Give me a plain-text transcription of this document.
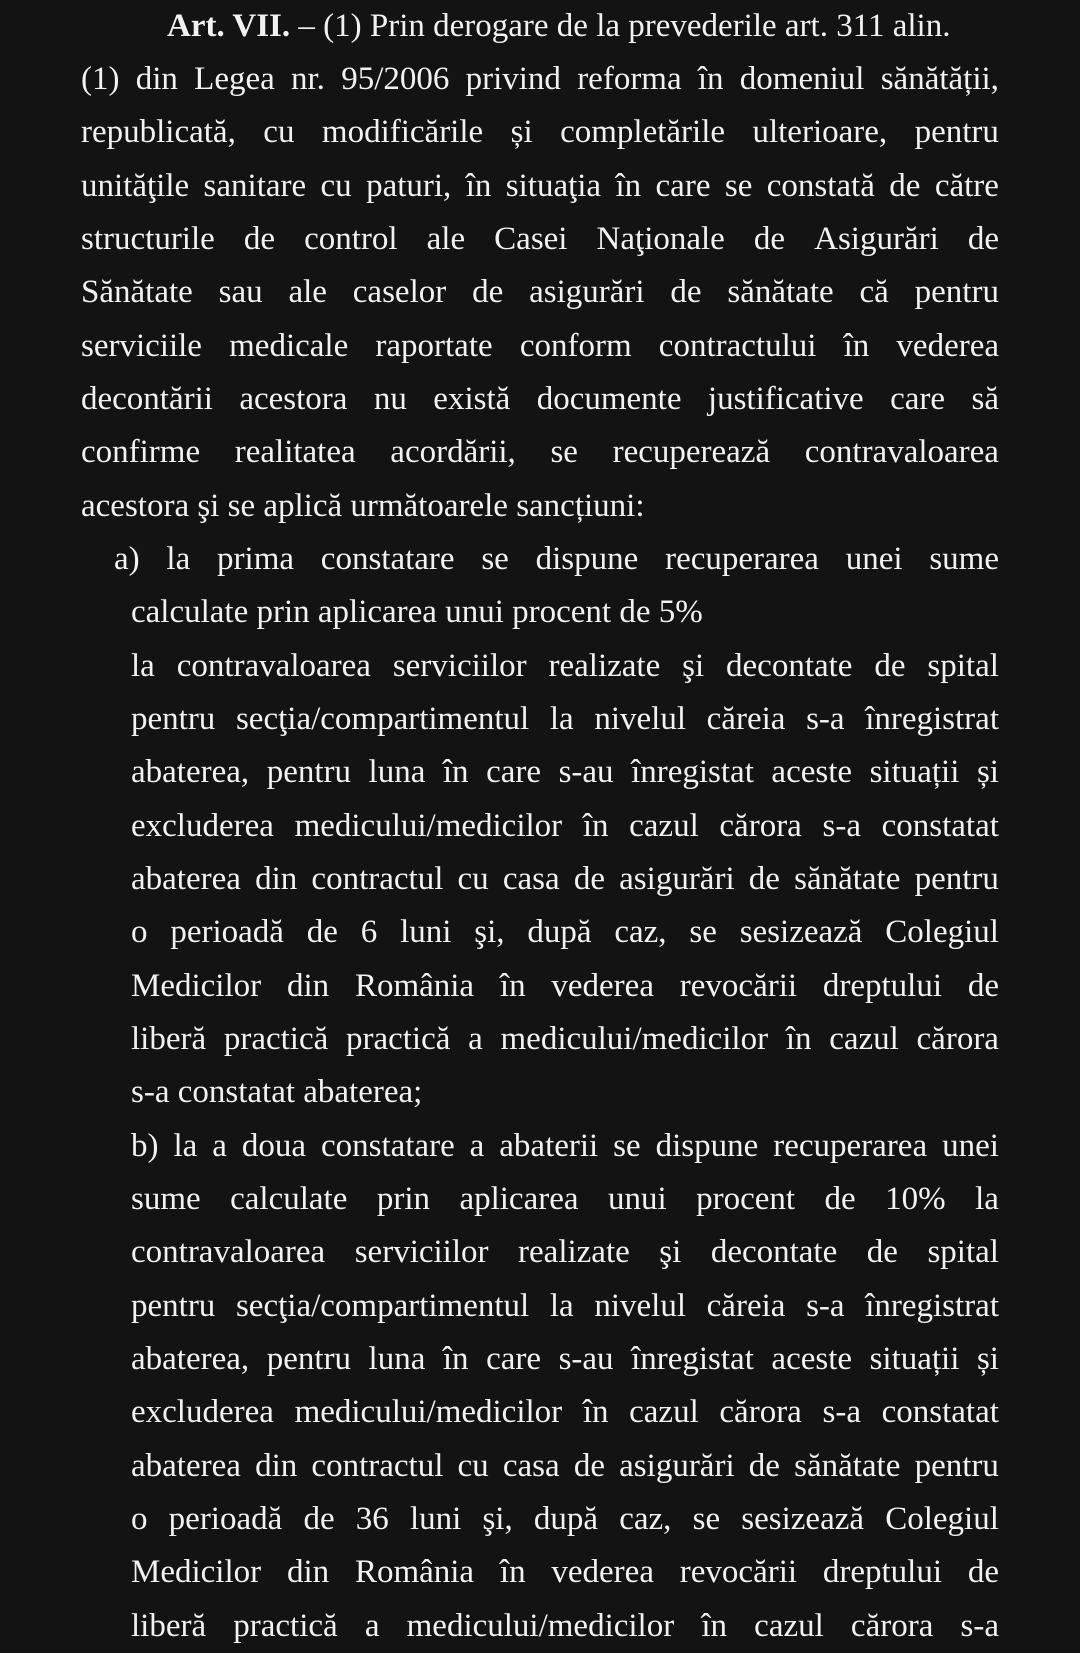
Art. VII. – (1) Prin derogare de la prevederile art. 311 alin.
(1) din Legea nr. 95/2006 privind reforma în domeniul sănătății,
republicată, cu modificările și completările ulterioare, pentru
unităţile sanitare cu paturi, în situaţia în care se constată de către
structurile de control ale Casei Naţionale de Asigurări de
Sănătate sau ale caselor de asigurări de sănătate că pentru
serviciile medicale raportate conform contractului în vederea
decontării acestora nu există documente justificative care să
confirme realitatea acordării, se recuperează contravaloarea
acestora şi se aplică următoarele sancțiuni:
a) la prima constatare se dispune recuperarea unei sume
calculate prin aplicarea unui procent de 5%
la contravaloarea serviciilor realizate şi decontate de spital
pentru secţia/compartimentul la nivelul căreia s-a înregistrat
abaterea, pentru luna în care s-au înregistat aceste situații și
excluderea medicului/medicilor în cazul cărora s-a constatat
abaterea din contractul cu casa de asigurări de sănătate pentru
o perioadă de 6 luni şi, după caz, se sesizează Colegiul
Medicilor din România în vederea revocării dreptului de
liberă practică practică a medicului/medicilor în cazul cărora
s-a constatat abaterea;
b) la a doua constatare a abaterii se dispune recuperarea unei
sume calculate prin aplicarea unui procent de 10% la
contravaloarea serviciilor realizate şi decontate de spital
pentru secţia/compartimentul la nivelul căreia s-a înregistrat
abaterea, pentru luna în care s-au înregistat aceste situații și
excluderea medicului/medicilor în cazul cărora s-a constatat
abaterea din contractul cu casa de asigurări de sănătate pentru
o perioadă de 36 luni şi, după caz, se sesizează Colegiul
Medicilor din România în vederea revocării dreptului de
liberă practică a medicului/medicilor în cazul cărora s-a
